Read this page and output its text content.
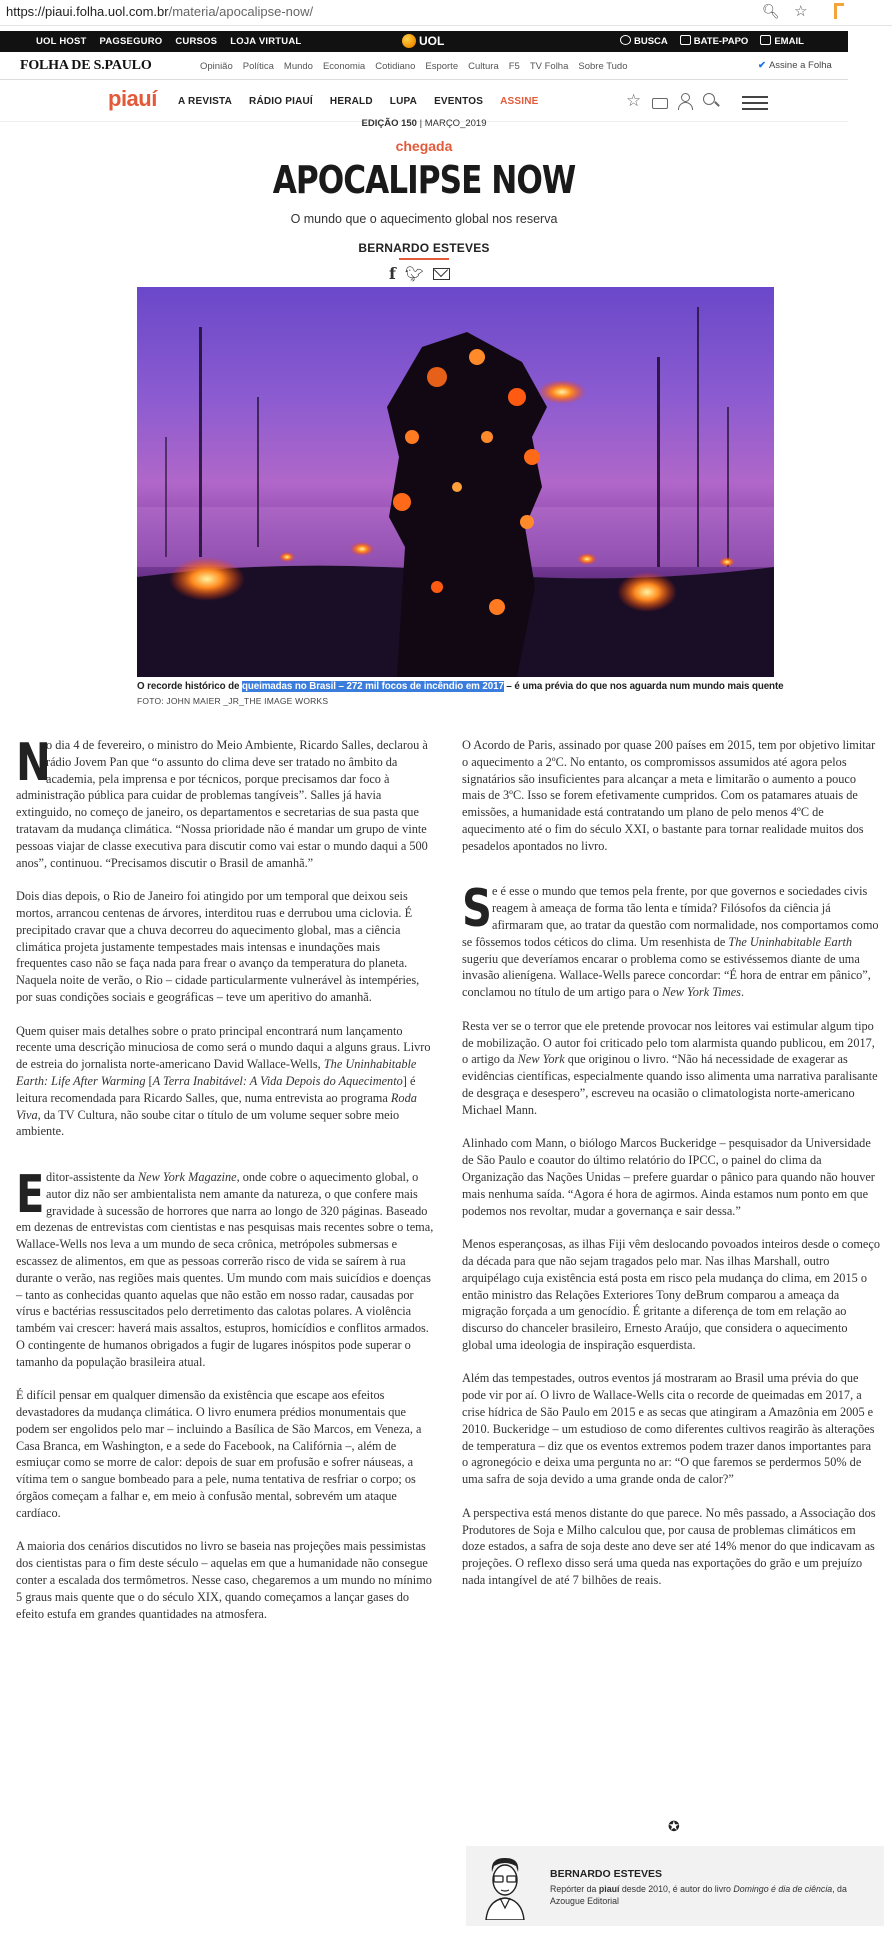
https://piaui.folha.uol.com.br/materia/apocalipse-now/	🔍︎ ☆
UOL HOST PAGSEGURO CURSOS LOJA VIRTUAL	UOL	BUSCA	BATE-PAPO	EMAIL
FOLHA DE S.PAULO	Opinião Política Mundo Economia Cotidiano Esporte Cultura F5 TV Folha Sobre Tudo	✔ Assine a Folha
piauí A REVISTA RÁDIO PIAUÍ HERALD LUPA EVENTOS ASSINE	☆
EDIÇÃO 150 | MARÇO_2019
chegada
APOCALIPSE NOW
O mundo que o aquecimento global nos reserva
BERNARDO ESTEVES
f 🐦︎
O recorde histórico de queimadas no Brasil – 272 mil focos de incêndio em 2017 – é uma prévia do que nos aguarda num mundo mais quente
FOTO: JOHN MAIER _JR_THE IMAGE WORKS

N
o dia 4 de fevereiro, o ministro do Meio Ambiente, Ricardo Salles, declarou à rádio Jovem Pan que “o assunto do clima deve ser tratado no âmbito da academia, pela imprensa e por técnicos, porque precisamos dar foco à administração pública para cuidar de problemas tangíveis”. Salles já havia extinguido, no começo de janeiro, os departamentos e secretarias de sua pasta que tratavam da mudança climática. “Nossa prioridade não é mandar um grupo de vinte pessoas viajar de classe executiva para discutir como vai estar o mundo daqui a 500 anos”, continuou. “Precisamos discutir o Brasil de amanhã.”

Dois dias depois, o Rio de Janeiro foi atingido por um temporal que deixou seis mortos, arrancou centenas de árvores, interditou ruas e derrubou uma ciclovia. É precipitado cravar que a chuva decorreu do aquecimento global, mas a ciência climática projeta justamente tempestades mais intensas e inundações mais frequentes caso não se faça nada para frear o avanço da temperatura do planeta. Naquela noite de verão, o Rio – cidade particularmente vulnerável às intempéries, por suas condições sociais e geográficas – teve um aperitivo do amanhã.

Quem quiser mais detalhes sobre o prato principal encontrará num lançamento recente uma descrição minuciosa de como será o mundo daqui a alguns graus. Livro de estreia do jornalista norte-americano David Wallace-Wells, The Uninhabitable Earth: Life After Warming [A Terra Inabitável: A Vida Depois do Aquecimento] é leitura recomendada para Ricardo Salles, que, numa entrevista ao programa Roda Viva, da TV Cultura, não soube citar o título de um volume sequer sobre meio ambiente.

Editor-assistente da New York Magazine, onde cobre o aquecimento global, o autor diz não ser ambientalista nem amante da natureza, o que confere mais gravidade à sucessão de horrores que narra ao longo de 320 páginas. Baseado em dezenas de entrevistas com cientistas e nas pesquisas mais recentes sobre o tema, Wallace-Wells nos leva a um mundo de seca crônica, metrópoles submersas e escassez de alimentos, em que as pessoas correrão risco de vida se saírem à rua durante o verão, nas regiões mais quentes. Um mundo com mais suicídios e doenças – tanto as conhecidas quanto aquelas que não estão em nosso radar, causadas por vírus e bactérias ressuscitados pelo derretimento das calotas polares. A violência também vai crescer: haverá mais assaltos, estupros, homicídios e conflitos armados. O contingente de humanos obrigados a fugir de lugares inóspitos pode superar o tamanho da população brasileira atual.

É difícil pensar em qualquer dimensão da existência que escape aos efeitos devastadores da mudança climática. O livro enumera prédios monumentais que podem ser engolidos pelo mar – incluindo a Basílica de São Marcos, em Veneza, a Casa Branca, em Washington, e a sede do Facebook, na Califórnia –, além de esmiuçar como se morre de calor: depois de suar em profusão e sofrer náuseas, a vítima tem o sangue bombeado para a pele, numa tentativa de resfriar o corpo; os órgãos começam a falhar e, em meio à confusão mental, sobrevém um ataque cardíaco.

A maioria dos cenários discutidos no livro se baseia nas projeções mais pessimistas dos cientistas para o fim deste século – aquelas em que a humanidade não consegue conter a escalada dos termômetros. Nesse caso, chegaremos a um mundo no mínimo 5 graus mais quente que o do século XIX, quando começamos a lançar gases do efeito estufa em grandes quantidades na atmosfera.

O Acordo de Paris, assinado por quase 200 países em 2015, tem por objetivo limitar o aquecimento a 2ºC. No entanto, os compromissos assumidos até agora pelos signatários são insuficientes para alcançar a meta e limitarão o aumento a pouco mais de 3ºC. Isso se forem efetivamente cumpridos. Com os patamares atuais de emissões, a humanidade está contratando um plano de pelo menos 4ºC de aquecimento até o fim do século XXI, o bastante para tornar realidade muitos dos pesadelos apontados no livro.

Se é esse o mundo que temos pela frente, por que governos e sociedades civis reagem à ameaça de forma tão lenta e tímida? Filósofos da ciência já afirmaram que, ao tratar da questão com normalidade, nos comportamos como se fôssemos todos céticos do clima. Um resenhista de The Uninhabitable Earth sugeriu que deveríamos encarar o problema como se estivéssemos diante de uma invasão alienígena. Wallace-Wells parece concordar: “É hora de entrar em pânico”, conclamou no título de um artigo para o New York Times.

Resta ver se o terror que ele pretende provocar nos leitores vai estimular algum tipo de mobilização. O autor foi criticado pelo tom alarmista quando publicou, em 2017, o artigo da New York que originou o livro. “Não há necessidade de exagerar as evidências científicas, especialmente quando isso alimenta uma narrativa paralisante de desgraça e desespero”, escreveu na ocasião o climatologista norte-americano Michael Mann.

Alinhado com Mann, o biólogo Marcos Buckeridge – pesquisador da Universidade de São Paulo e coautor do último relatório do IPCC, o painel do clima da Organização das Nações Unidas – prefere guardar o pânico para quando não houver mais nenhuma saída. “Agora é hora de agirmos. Ainda estamos num ponto em que podemos nos revoltar, mudar a governança e sair dessa.”

Menos esperançosas, as ilhas Fiji vêm deslocando povoados inteiros desde o começo da década para que não sejam tragados pelo mar. Nas ilhas Marshall, outro arquipélago cuja existência está posta em risco pela mudança do clima, em 2015 o então ministro das Relações Exteriores Tony deBrum comparou a ameaça da migração forçada a um genocídio. É gritante a diferença de tom em relação ao discurso do chanceler brasileiro, Ernesto Araújo, que considera o aquecimento global uma ideologia de inspiração esquerdista.

Além das tempestades, outros eventos já mostraram ao Brasil uma prévia do que pode vir por aí. O livro de Wallace-Wells cita o recorde de queimadas em 2017, a crise hídrica de São Paulo em 2015 e as secas que atingiram a Amazônia em 2005 e 2010. Buckeridge – um estudioso de como diferentes cultivos reagirão às alterações de temperatura – diz que os eventos extremos podem trazer danos importantes para o agronegócio e deixa uma pergunta no ar: “O que faremos se perdermos 50% de uma safra de soja devido a uma grande onda de calor?”

A perspectiva está menos distante do que parece. No mês passado, a Associação dos Produtores de Soja e Milho calculou que, por causa de problemas climáticos em doze estados, a safra de soja deste ano deve ser até 14% menor do que indicavam as projeções. O reflexo disso será uma queda nas exportações do grão e um prejuízo nada intangível de até 7 bilhões de reais.

✪
BERNARDO ESTEVES
Repórter da piauí desde 2010, é autor do livro Domingo é dia de ciência, da Azougue Editorial
